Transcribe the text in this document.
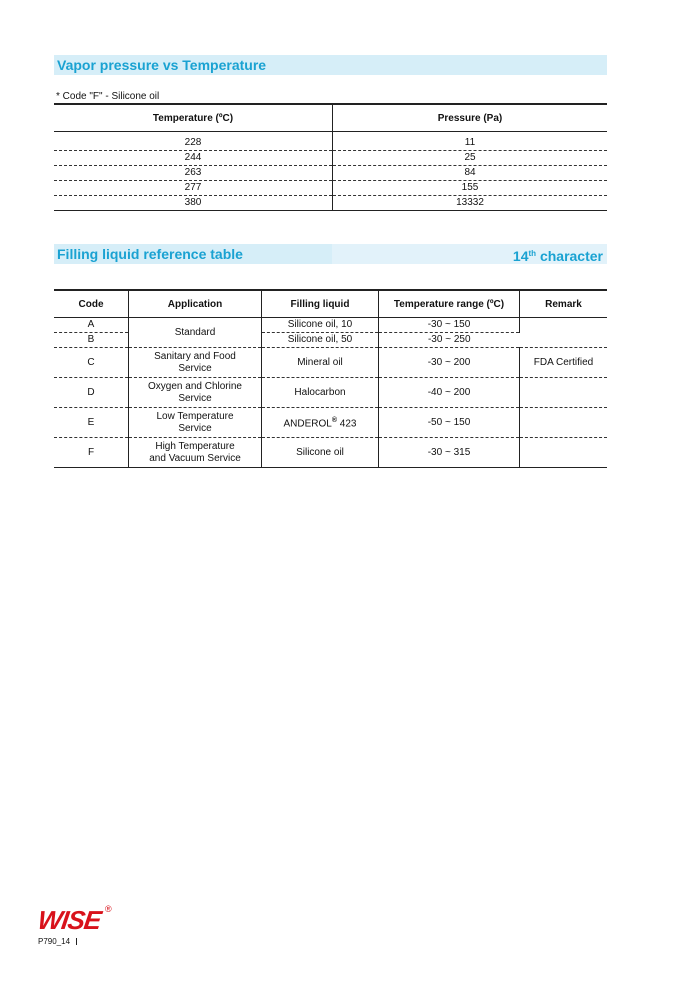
Vapor pressure vs Temperature
* Code "F" - Silicone oil
Temperature (ºC)	Pressure (Pa)
228	11
244	25
263	84
277	155
380	13332
Filling liquid reference table	14th character
Code	Application	Filling liquid	Temperature range (ºC)	Remark
A	Standard	Silicone oil, 10	-30 ~ 150	
B		Silicone oil, 50	-30 ~ 250	
C	Sanitary and Food
Service	Mineral oil	-30 ~ 200	FDA Certified
D	Oxygen and Chlorine
Service	Halocarbon	-40 ~ 200	
E	Low Temperature
Service	ANDEROL® 423	-50 ~ 150	
F	High Temperature
and Vacuum Service	Silicone oil	-30 ~ 315	
WISE ®
P790_14
